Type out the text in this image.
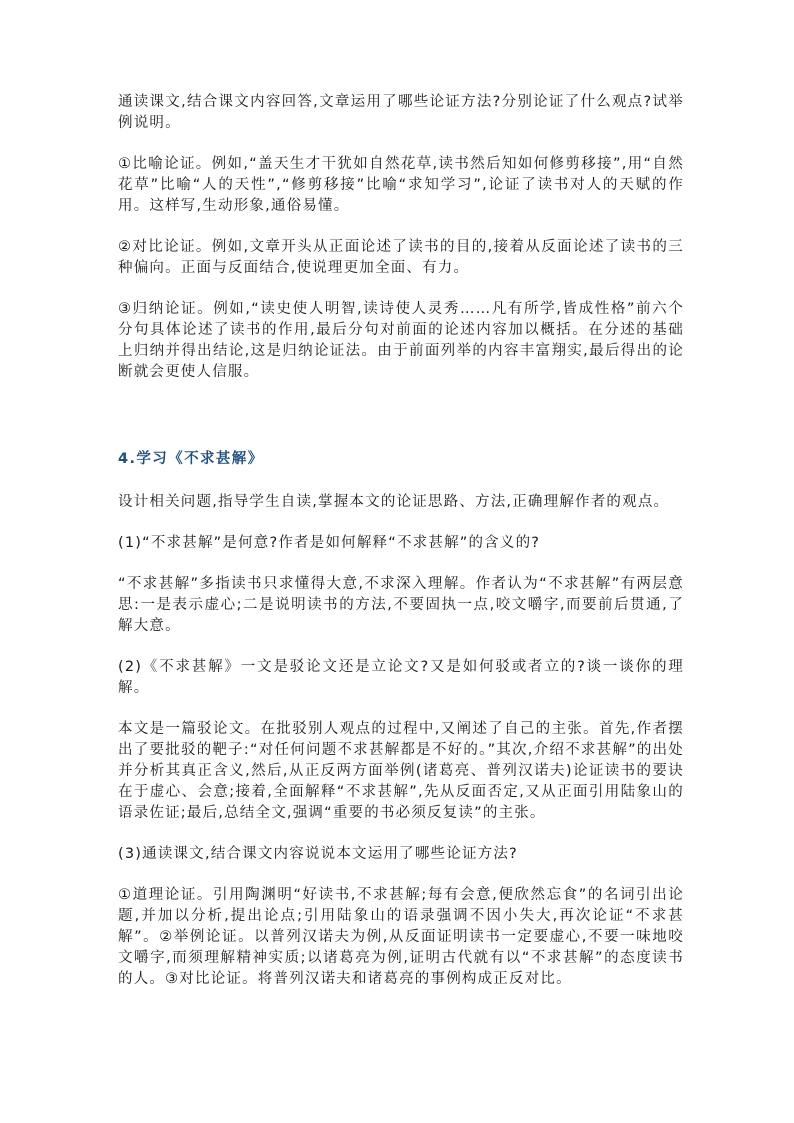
通读课文,结合课文内容回答,文章运用了哪些论证方法?分别论证了什么观点?试举例说明。

①比喻论证。例如,“盖天生才干犹如自然花草,读书然后知如何修剪移接”,用“自然花草”比喻“人的天性”,“修剪移接”比喻“求知学习”,论证了读书对人的天赋的作用。这样写,生动形象,通俗易懂。

②对比论证。例如,文章开头从正面论述了读书的目的,接着从反面论述了读书的三种偏向。正面与反面结合,使说理更加全面、有力。

③归纳论证。例如,“读史使人明智,读诗使人灵秀……凡有所学,皆成性格”前六个分句具体论述了读书的作用,最后分句对前面的论述内容加以概括。在分述的基础上归纳并得出结论,这是归纳论证法。由于前面列举的内容丰富翔实,最后得出的论断就会更使人信服。

4.学习《不求甚解》

设计相关问题,指导学生自读,掌握本文的论证思路、方法,正确理解作者的观点。

(1)“不求甚解”是何意?作者是如何解释“不求甚解”的含义的?

“不求甚解”多指读书只求懂得大意,不求深入理解。作者认为“不求甚解”有两层意思:一是表示虚心;二是说明读书的方法,不要固执一点,咬文嚼字,而要前后贯通,了解大意。

(2)《不求甚解》一文是驳论文还是立论文?又是如何驳或者立的?谈一谈你的理解。

本文是一篇驳论文。在批驳别人观点的过程中,又阐述了自己的主张。首先,作者摆出了要批驳的靶子:“对任何问题不求甚解都是不好的。”其次,介绍不求甚解”的出处并分析其真正含义,然后,从正反两方面举例(诸葛亮、普列汉诺夫)论证读书的要诀在于虚心、会意;接着,全面解释“不求甚解”,先从反面否定,又从正面引用陆象山的语录佐证;最后,总结全文,强调“重要的书必须反复读”的主张。

(3)通读课文,结合课文内容说说本文运用了哪些论证方法?

①道理论证。引用陶渊明“好读书,不求甚解;每有会意,便欣然忘食”的名词引出论题,并加以分析,提出论点;引用陆象山的语录强调不因小失大,再次论证“不求甚解”。②举例论证。以普列汉诺夫为例,从反面证明读书一定要虚心,不要一味地咬文嚼字,而须理解精神实质;以诸葛亮为例,证明古代就有以“不求甚解”的态度读书的人。③对比论证。将普列汉诺夫和诸葛亮的事例构成正反对比。
